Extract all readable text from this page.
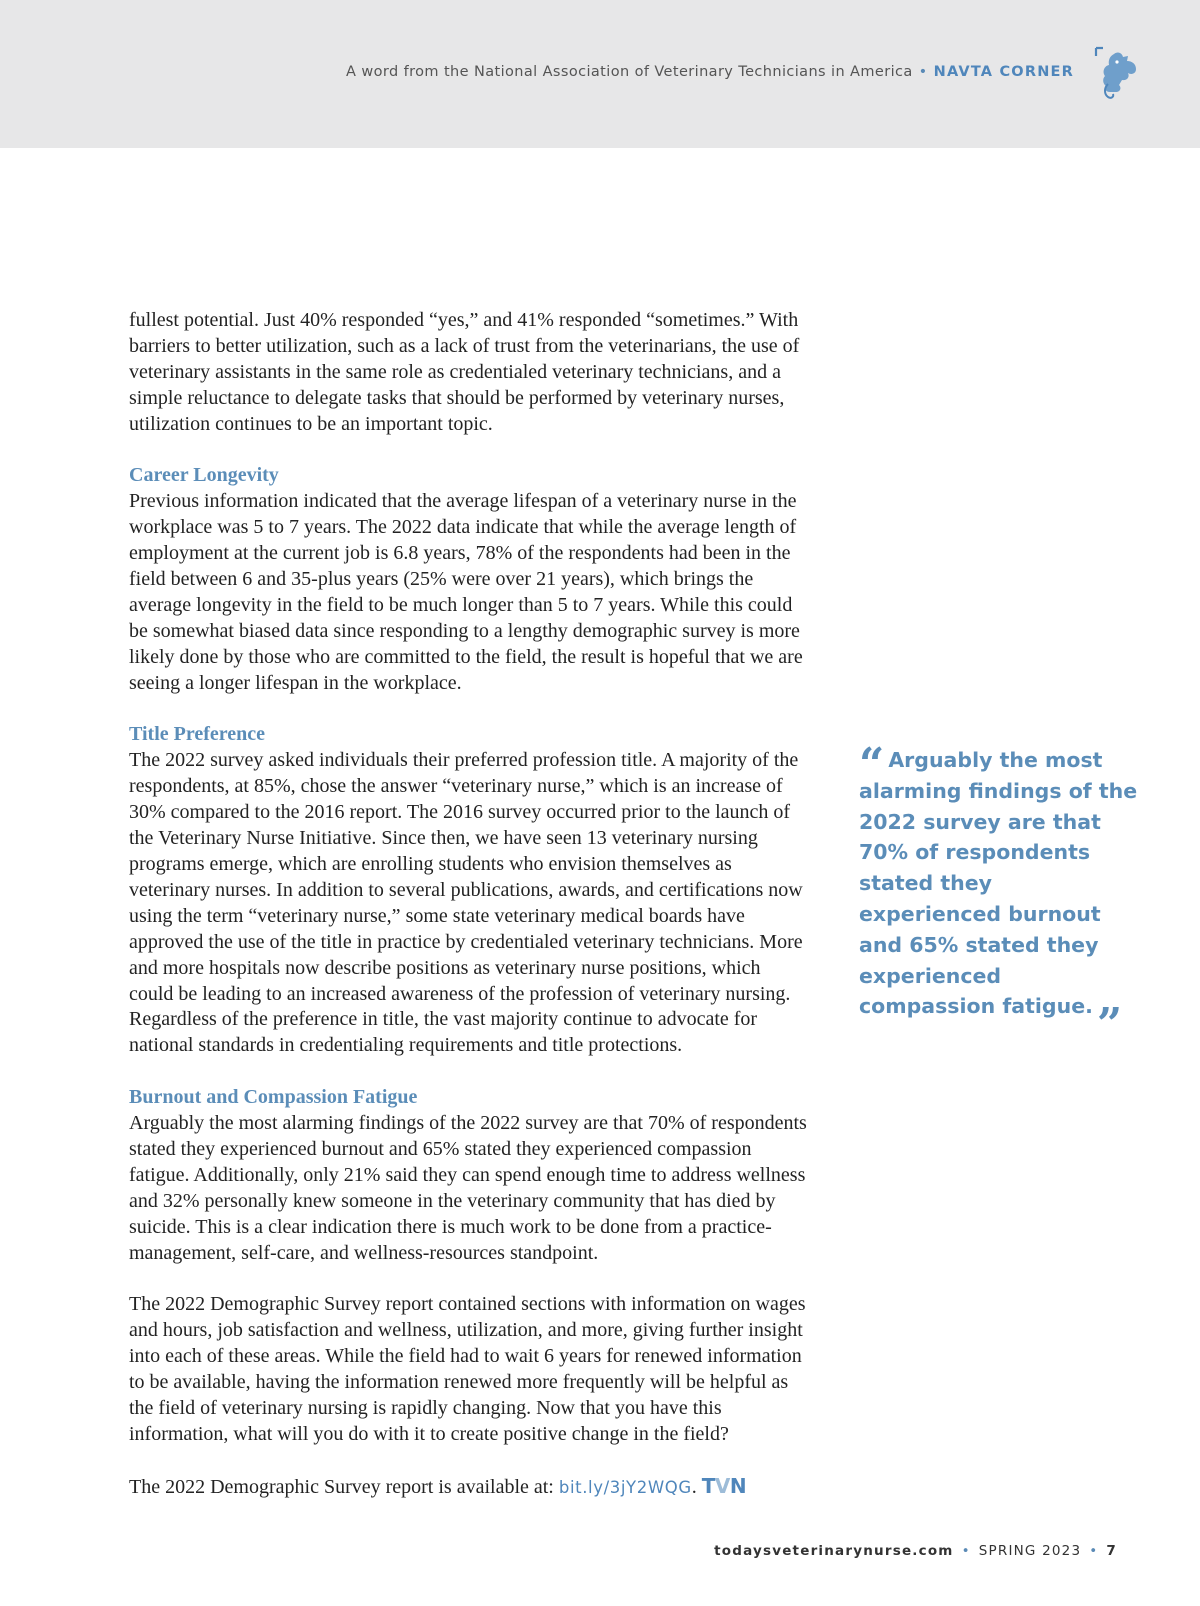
A word from the National Association of Veterinary Technicians in America • NAVTA CORNER

fullest potential. Just 40% responded “yes,” and 41% responded “sometimes.” With barriers to better utilization, such as a lack of trust from the veterinarians, the use of veterinary assistants in the same role as credentialed veterinary technicians, and a simple reluctance to delegate tasks that should be performed by veterinary nurses, utilization continues to be an important topic.

Career Longevity

Previous information indicated that the average lifespan of a veterinary nurse in the workplace was 5 to 7 years. The 2022 data indicate that while the average length of employment at the current job is 6.8 years, 78% of the respondents had been in the field between 6 and 35-plus years (25% were over 21 years), which brings the average longevity in the field to be much longer than 5 to 7 years. While this could be somewhat biased data since responding to a lengthy demographic survey is more likely done by those who are committed to the field, the result is hopeful that we are seeing a longer lifespan in the workplace.

Title Preference

The 2022 survey asked individuals their preferred profession title. A majority of the respondents, at 85%, chose the answer “veterinary nurse,” which is an increase of 30% compared to the 2016 report. The 2016 survey occurred prior to the launch of the Veterinary Nurse Initiative. Since then, we have seen 13 veterinary nursing programs emerge, which are enrolling students who envision themselves as veterinary nurses. In addition to several publications, awards, and certifications now using the term “veterinary nurse,” some state veterinary medical boards have approved the use of the title in practice by credentialed veterinary technicians. More and more hospitals now describe positions as veterinary nurse positions, which could be leading to an increased awareness of the profession of veterinary nursing. Regardless of the preference in title, the vast majority continue to advocate for national standards in credentialing requirements and title protections.

Burnout and Compassion Fatigue

Arguably the most alarming findings of the 2022 survey are that 70% of respondents stated they experienced burnout and 65% stated they experienced compassion fatigue. Additionally, only 21% said they can spend enough time to address wellness and 32% personally knew someone in the veterinary community that has died by suicide. This is a clear indication there is much work to be done from a practice-management, self-care, and wellness-resources standpoint.

The 2022 Demographic Survey report contained sections with information on wages and hours, job satisfaction and wellness, utilization, and more, giving further insight into each of these areas. While the field had to wait 6 years for renewed information to be available, having the information renewed more frequently will be helpful as the field of veterinary nursing is rapidly changing. Now that you have this information, what will you do with it to create positive change in the field?

The 2022 Demographic Survey report is available at: bit.ly/3jY2WQG. TVN

“ Arguably the most alarming findings of the 2022 survey are that 70% of respondents stated they experienced burnout and 65% stated they experienced compassion fatigue.”
todaysveterinarynurse.com • SPRING 2023 • 7
